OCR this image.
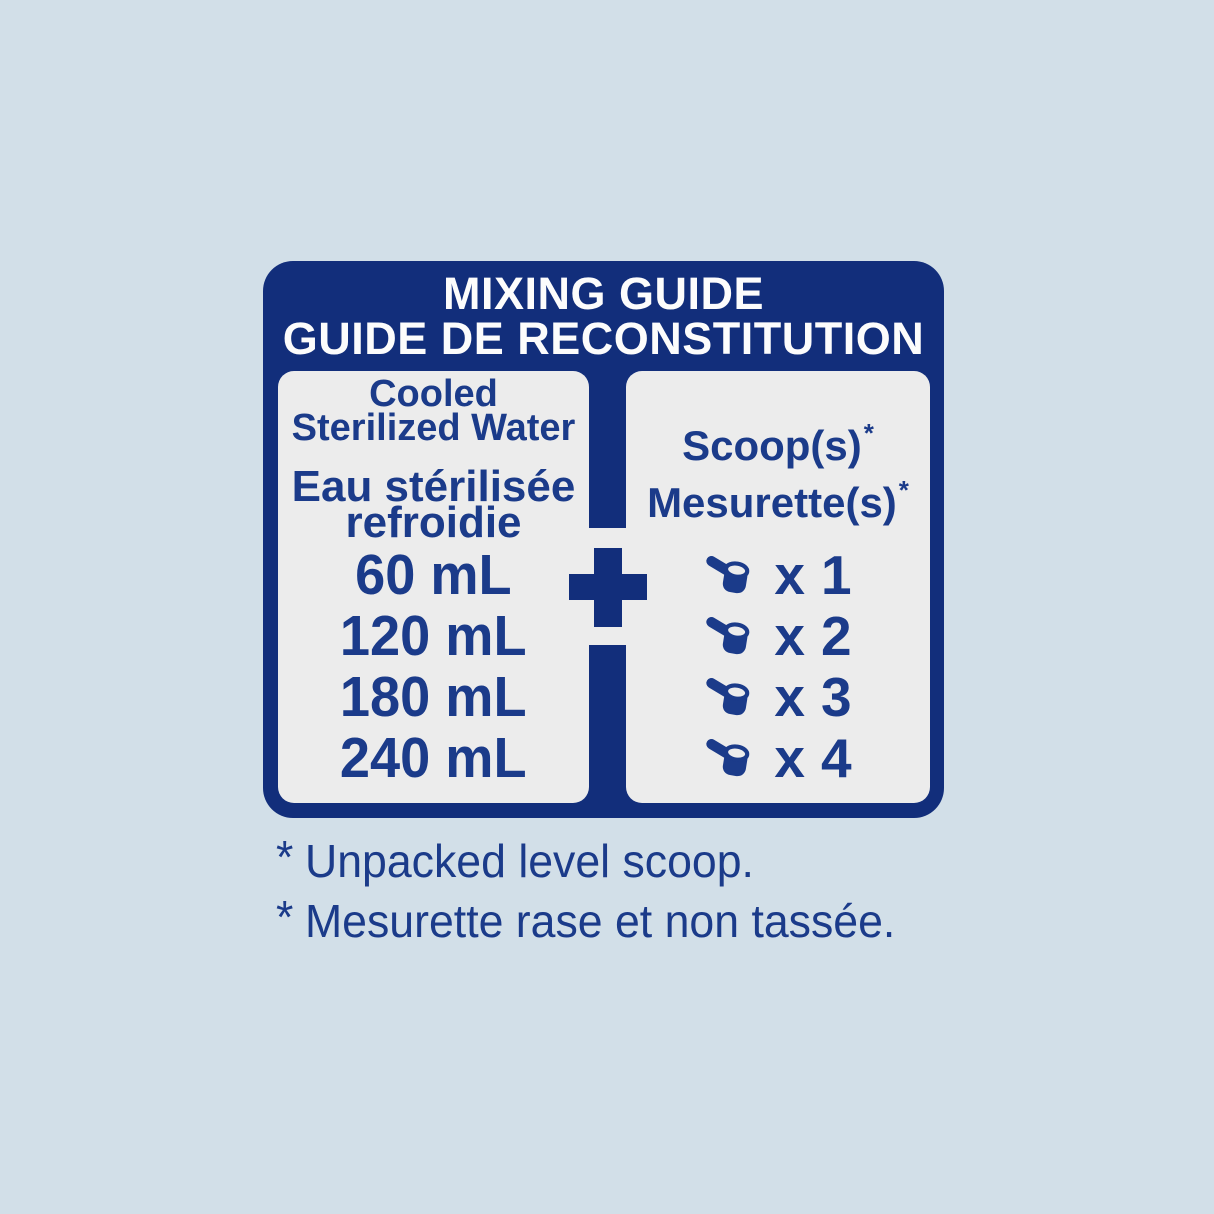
MIXING GUIDE
GUIDE DE RECONSTITUTION
Cooled
Sterilized Water
Eau stérilisée
refroidie
60 mL
120 mL
180 mL
240 mL
Scoop(s)*
Mesurette(s)*
x 1
x 2
x 3
x 4
* Unpacked level scoop.
* Mesurette rase et non tassée.
